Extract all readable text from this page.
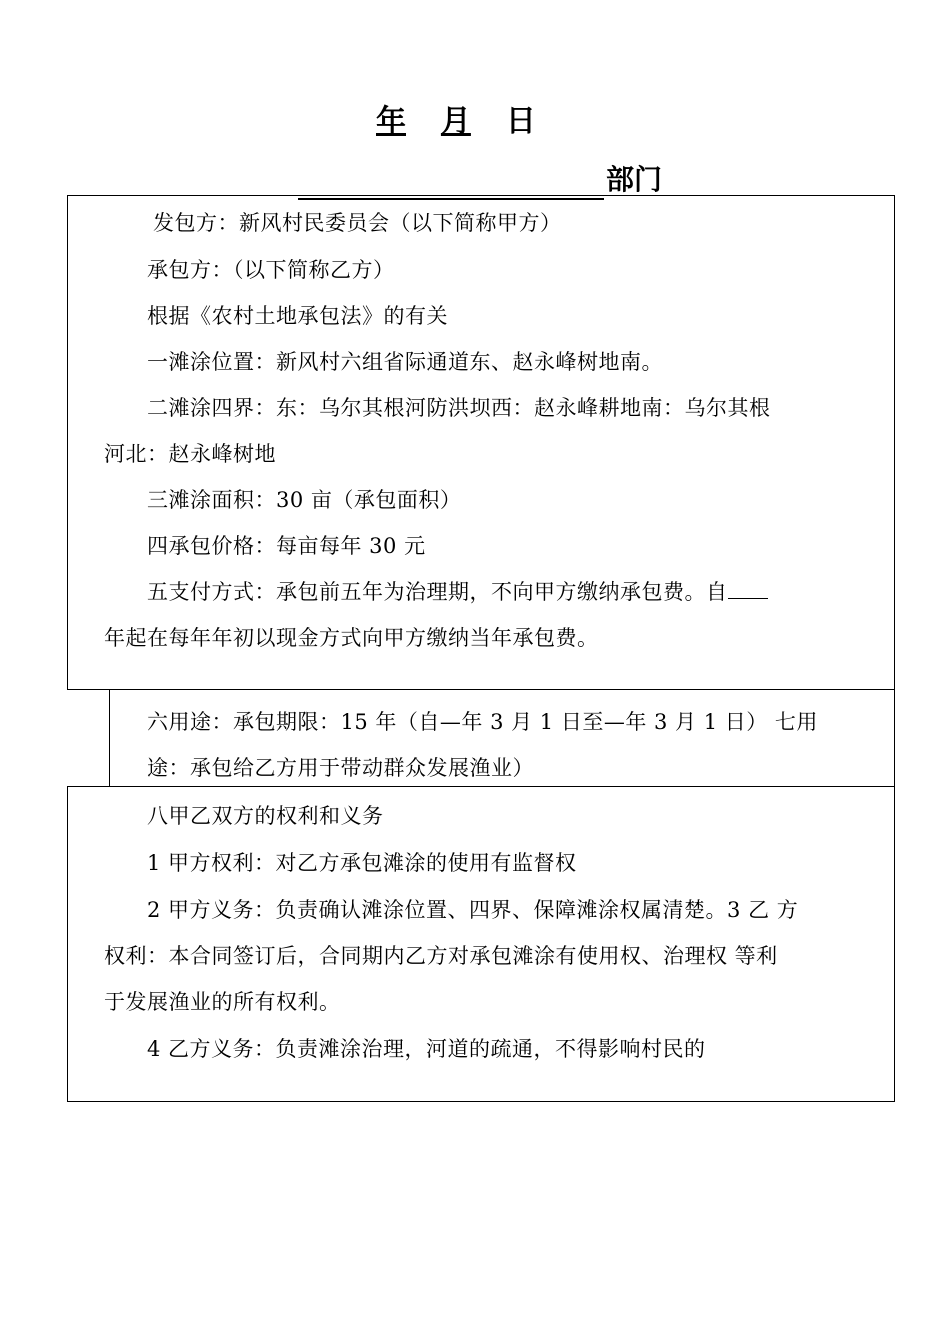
年 月 日
部门
发包方：新风村民委员会（以下简称甲方）
承包方：（以下简称乙方）
根据《农村土地承包法》的有关
一滩涂位置：新风村六组省际通道东、赵永峰树地南。
二滩涂四界：东：乌尔其根河防洪坝西：赵永峰耕地南：乌尔其根
河北：赵永峰树地
三滩涂面积：30 亩（承包面积）
四承包价格：每亩每年 30 元
五支付方式：承包前五年为治理期，不向甲方缴纳承包费。自
年起在每年年初以现金方式向甲方缴纳当年承包费。
六用途：承包期限：15 年（自—年 3 月 1 日至—年 3 月 1 日） 七用
途：承包给乙方用于带动群众发展渔业）
八甲乙双方的权利和义务
1 甲方权利：对乙方承包滩涂的使用有监督权
2 甲方义务：负责确认滩涂位置、四界、保障滩涂权属清楚。3 乙 方
权利：本合同签订后，合同期内乙方对承包滩涂有使用权、治理权 等利
于发展渔业的所有权利。
4 乙方义务：负责滩涂治理，河道的疏通，不得影响村民的
